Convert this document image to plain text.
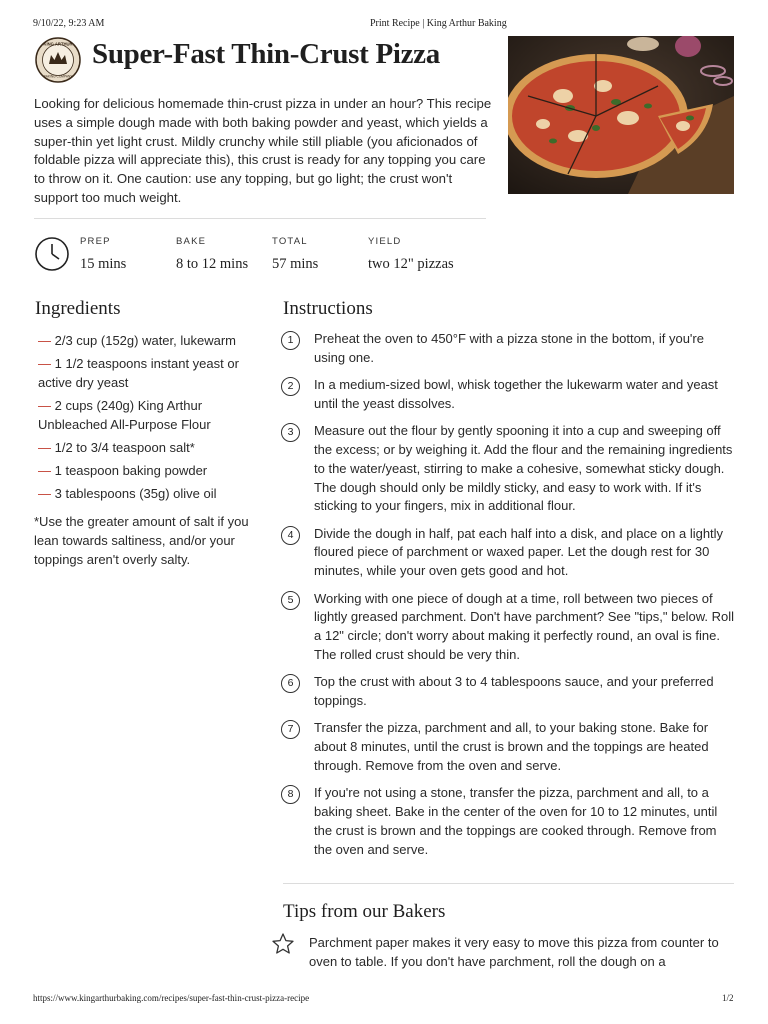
9/10/22, 9:23 AM	Print Recipe | King Arthur Baking
https://www.kingarthurbaking.com/recipes/super-fast-thin-crust-pizza-recipe	1/2
KING ARTHUR
BAKING COMPANY
Super-Fast Thin-Crust Pizza

Looking for delicious homemade thin-crust pizza in under an hour? This recipe uses a simple dough made with both baking powder and yeast, which yields a super-thin yet light crust. Mildly crunchy while still pliable (you aficionados of foldable pizza will appreciate this), this crust is ready for any topping you care to throw on it. One caution: use any topping, but go light; the crust won't support too much weight.

PREP
15 mins
BAKE
8 to 12 mins
TOTAL
57 mins
YIELD
two 12" pizzas
Ingredients
— 2/3 cup (152g) water, lukewarm
— 1 1/2 teaspoons instant yeast or active dry yeast
— 2 cups (240g) King Arthur Unbleached All-Purpose Flour
— 1/2 to 3/4 teaspoon salt*
— 1 teaspoon baking powder
— 3 tablespoons (35g) olive oil

*Use the greater amount of salt if you lean towards saltiness, and/or your toppings aren't overly salty.

Instructions
1	Preheat the oven to 450°F with a pizza stone in the bottom, if you're using one.
2	In a medium-sized bowl, whisk together the lukewarm water and yeast until the yeast dissolves.
3	Measure out the flour by gently spooning it into a cup and sweeping off the excess; or by weighing it. Add the flour and the remaining ingredients to the water/yeast, stirring to make a cohesive, somewhat sticky dough. The dough should only be mildly sticky, and easy to work with. If it's sticking to your fingers, mix in additional flour.
4	Divide the dough in half, pat each half into a disk, and place on a lightly floured piece of parchment or waxed paper. Let the dough rest for 30 minutes, while your oven gets good and hot.
5	Working with one piece of dough at a time, roll between two pieces of lightly greased parchment. Don't have parchment? See "tips," below. Roll a 12" circle; don't worry about making it perfectly round, an oval is fine. The rolled crust should be very thin.
6	Top the crust with about 3 to 4 tablespoons sauce, and your preferred toppings.
7	Transfer the pizza, parchment and all, to your baking stone. Bake for about 8 minutes, until the crust is brown and the toppings are heated through. Remove from the oven and serve.
8	If you're not using a stone, transfer the pizza, parchment and all, to a baking sheet. Bake in the center of the oven for 10 to 12 minutes, until the crust is brown and the toppings are cooked through. Remove from the oven and serve.
Tips from our Bakers

Parchment paper makes it very easy to move this pizza from counter to oven to table. If you don't have parchment, roll the dough on a
